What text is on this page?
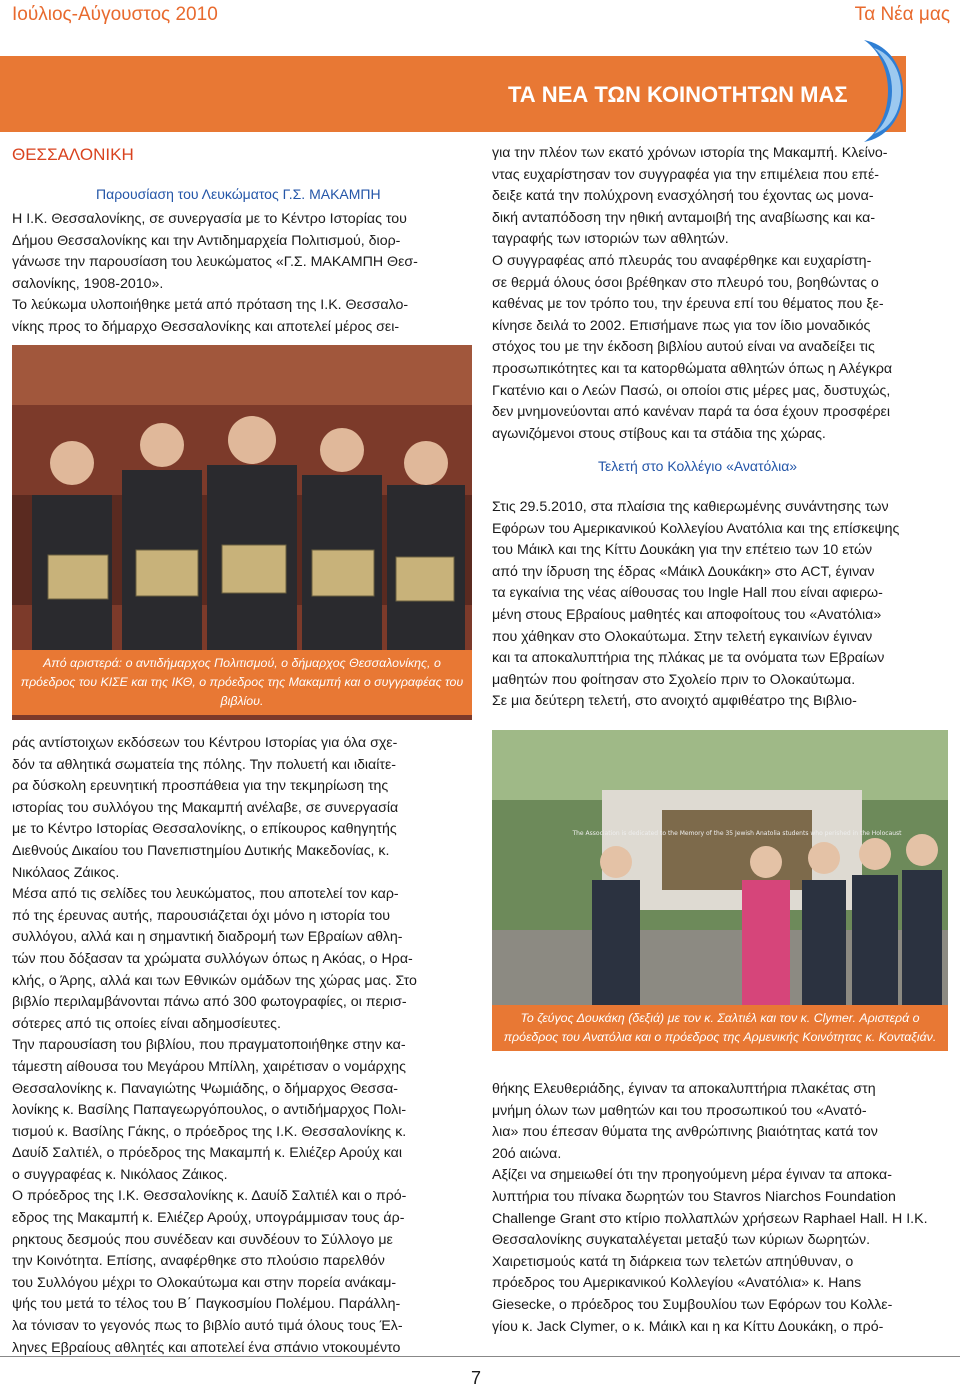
Ιούλιος-Αύγουστος 2010	Τα Νέα μας
ΤΑ ΝΕΑ ΤΩΝ ΚΟΙΝΟΤΗΤΩΝ ΜΑΣ
ΘΕΣΣΑΛΟΝΙΚΗ
Παρουσίαση του Λευκώματος Γ.Σ. ΜΑΚΑΜΠΗ

Η Ι.Κ. Θεσσαλονίκης, σε συνεργασία με το Κέντρο Ιστορίας του

Δήμου Θεσσαλονίκης και την Αντιδημαρχεία Πολιτισμού, διορ-

γάνωσε την παρουσίαση του λευκώματος «Γ.Σ. ΜΑΚΑΜΠΗ Θεσ-

σαλονίκης, 1908-2010».

Το λεύκωμα υλοποιήθηκε μετά από πρόταση της Ι.Κ. Θεσσαλο-

νίκης προς το δήμαρχο Θεσσαλονίκης και αποτελεί μέρος σει-

Από αριστερά: ο αντιδήμαρχος Πολιτισμού, ο δήμαρχος Θεσσαλονίκης, ο πρόεδρος του ΚΙΣΕ και της ΙΚΘ, ο πρόεδρος της Μακαμπή και ο συγγραφέας του βιβλίου.

ράς αντίστοιχων εκδόσεων του Κέντρου Ιστορίας για όλα σχε-

δόν τα αθλητικά σωματεία της πόλης. Την πολυετή και ιδιαίτε-

ρα δύσκολη ερευνητική προσπάθεια για την τεκμηρίωση της

ιστορίας του συλλόγου της Μακαμπή ανέλαβε, σε συνεργασία

με το Κέντρο Ιστορίας Θεσσαλονίκης, ο επίκουρος καθηγητής

Διεθνούς Δικαίου του Πανεπιστημίου Δυτικής Μακεδονίας, κ.

Νικόλαος Ζάικος.

Μέσα από τις σελίδες του λευκώματος, που αποτελεί τον καρ-

πό της έρευνας αυτής, παρουσιάζεται όχι μόνο η ιστορία του

συλλόγου, αλλά και η σημαντική διαδρομή των Εβραίων αθλη-

τών που δόξασαν τα χρώματα συλλόγων όπως η Ακόας, ο Ηρα-

κλής, ο Άρης, αλλά και των Εθνικών ομάδων της χώρας μας. Στο

βιβλίο περιλαμβάνονται πάνω από 300 φωτογραφίες, οι περισ-

σότερες από τις οποίες είναι αδημοσίευτες.

Την παρουσίαση του βιβλίου, που πραγματοποιήθηκε στην κα-

τάμεστη αίθουσα του Μεγάρου Μπίλλη, χαιρέτισαν ο νομάρχης

Θεσσαλονίκης κ. Παναγιώτης Ψωμιάδης, ο δήμαρχος Θεσσα-

λονίκης κ. Βασίλης Παπαγεωργόπουλος, ο αντιδήμαρχος Πολι-

τισμού κ. Βασίλης Γάκης, ο πρόεδρος της Ι.Κ. Θεσσαλονίκης κ.

Δαυίδ Σαλτιέλ, ο πρόεδρος της Μακαμπή κ. Ελιέζερ Αρούχ και

ο συγγραφέας κ. Νικόλαος Ζάικος.

Ο πρόεδρος της Ι.Κ. Θεσσαλονίκης κ. Δαυίδ Σαλτιέλ και ο πρό-

εδρος της Μακαμπή κ. Ελιέζερ Αρούχ, υπογράμμισαν τους άρ-

ρηκτους δεσμούς που συνέδεαν και συνδέουν το Σύλλογο με

την Κοινότητα. Επίσης, αναφέρθηκε στο πλούσιο παρελθόν

του Συλλόγου μέχρι το Ολοκαύτωμα και στην πορεία ανάκαμ-

ψής του μετά το τέλος του Β΄ Παγκοσμίου Πολέμου. Παράλλη-

λα τόνισαν το γεγονός πως το βιβλίο αυτό τιμά όλους τους Έλ-

ληνες Εβραίους αθλητές και αποτελεί ένα σπάνιο ντοκουμέντο

για την πλέον των εκατό χρόνων ιστορία της Μακαμπή. Κλείνο-

ντας ευχαρίστησαν τον συγγραφέα για την επιμέλεια που επέ-

δειξε κατά την πολύχρονη ενασχόλησή του έχοντας ως μονα-

δική ανταπόδοση την ηθική ανταμοιβή της αναβίωσης και κα-

ταγραφής των ιστοριών των αθλητών.

Ο συγγραφέας από πλευράς του αναφέρθηκε και ευχαρίστη-

σε θερμά όλους όσοι βρέθηκαν στο πλευρό του, βοηθώντας ο

καθένας με τον τρόπο του, την έρευνα επί του θέματος που ξε-

κίνησε δειλά το 2002. Επισήμανε πως για τον ίδιο μοναδικός

στόχος του με την έκδοση βιβλίου αυτού είναι να αναδείξει τις

προσωπικότητες και τα κατορθώματα αθλητών όπως η Αλέγκρα

Γκατένιο και ο Λεών Πασώ, οι οποίοι στις μέρες μας, δυστυχώς,

δεν μνημονεύονται από κανέναν παρά τα όσα έχουν προσφέρει

αγωνιζόμενοι στους στίβους και τα στάδια της χώρας.

Τελετή στο Κολλέγιο «Ανατόλια»

Στις 29.5.2010, στα πλαίσια της καθιερωμένης συνάντησης των

Εφόρων του Αμερικανικού Κολλεγίου Ανατόλια και της επίσκεψης

του Μάικλ και της Κίττυ Δουκάκη για την επέτειο των 10 ετών

από την ίδρυση της έδρας «Μάικλ Δουκάκη» στο ACT, έγιναν

τα εγκαίνια της νέας αίθουσας του Ingle Hall που είναι αφιερω-

μένη στους Εβραίους μαθητές και αποφοίτους του «Ανατόλια»

που χάθηκαν στο Ολοκαύτωμα. Στην τελετή εγκαινίων έγιναν

και τα αποκαλυπτήρια της πλάκας με τα ονόματα των Εβραίων

μαθητών που φοίτησαν στο Σχολείο πριν το Ολοκαύτωμα.

Σε μια δεύτερη τελετή, στο ανοιχτό αμφιθέατρο της Βιβλιο-

The Association is dedicated to the Memory of the 35 Jewish Anatolia students who perished in the Holocaust
Το ζεύγος Δουκάκη (δεξιά) με τον κ. Σαλτιέλ και τον κ. Clymer. Αριστερά ο πρόεδρος του Ανατόλια και ο πρόεδρος της Αρμενικής Κοινότητας κ. Κονταξιάν.

θήκης Ελευθεριάδης, έγιναν τα αποκαλυπτήρια πλακέτας στη

μνήμη όλων των μαθητών και του προσωπικού του «Ανατό-

λια» που έπεσαν θύματα της ανθρώπινης βιαιότητας κατά τον

20ό αιώνα.

Αξίζει να σημειωθεί ότι την προηγούμενη μέρα έγιναν τα αποκα-

λυπτήρια του πίνακα δωρητών του Stavros Niarchos Foundation

Challenge Grant στο κτίριο πολλαπλών χρήσεων Raphael Hall. Η Ι.Κ.

Θεσσαλονίκης συγκαταλέγεται μεταξύ των κύριων δωρητών.

Χαιρετισμούς κατά τη διάρκεια των τελετών απηύθυναν, ο

πρόεδρος του Αμερικανικού Κολλεγίου «Ανατόλια» κ. Hans

Giesecke, ο πρόεδρος του Συμβουλίου των Εφόρων του Κολλε-

γίου κ. Jack Clymer, ο κ. Μάικλ και η κα Κίττυ Δουκάκη, ο πρό-

7
